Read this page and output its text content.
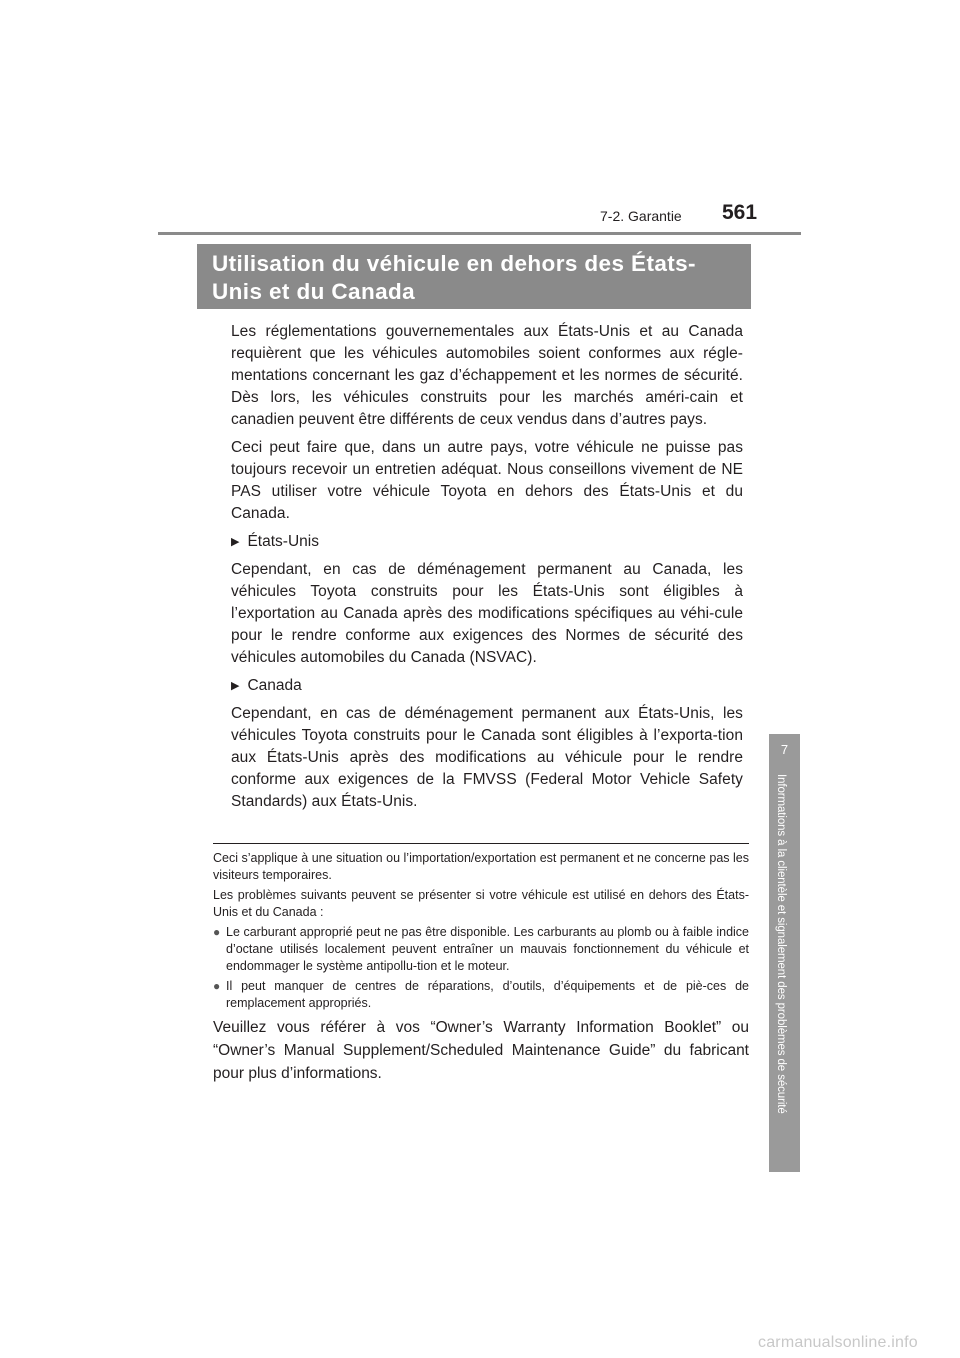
7-2. Garantie 561
7
Informations à la clientèle et signalement des problèmes de sécurité
Utilisation du véhicule en dehors des États-
Unis et du Canada

Les réglementations gouvernementales aux États-Unis et au Canada requièrent que les véhicules automobiles soient conformes aux régle-mentations concernant les gaz d’échappement et les normes de sécurité. Dès lors, les véhicules construits pour les marchés améri-cain et canadien peuvent être différents de ceux vendus dans d’autres pays.

Ceci peut faire que, dans un autre pays, votre véhicule ne puisse pas toujours recevoir un entretien adéquat. Nous conseillons vivement de NE PAS utiliser votre véhicule Toyota en dehors des États-Unis et du Canada.

▶ États-Unis

Cependant, en cas de déménagement permanent au Canada, les véhicules Toyota construits pour les États-Unis sont éligibles à l’exportation au Canada après des modifications spécifiques au véhi-cule pour le rendre conforme aux exigences des Normes de sécurité des véhicules automobiles du Canada (NSVAC).

▶ Canada

Cependant, en cas de déménagement permanent aux États-Unis, les véhicules Toyota construits pour le Canada sont éligibles à l’exporta-tion aux États-Unis après des modifications au véhicule pour le rendre conforme aux exigences de la FMVSS (Federal Motor Vehicle Safety Standards) aux États-Unis.

Ceci s’applique à une situation ou l’importation/exportation est permanent et ne concerne pas les visiteurs temporaires.

Les problèmes suivants peuvent se présenter si votre véhicule est utilisé en dehors des États-Unis et du Canada :

● Le carburant approprié peut ne pas être disponible. Les carburants au plomb ou à faible indice d’octane utilisés localement peuvent entraîner un mauvais fonctionnement du véhicule et endommager le système antipollu-tion et le moteur.
● Il peut manquer de centres de réparations, d’outils, d’équipements et de piè-ces de remplacement appropriés.

Veuillez vous référer à vos “Owner’s Warranty Information Booklet” ou “Owner’s Manual Supplement/Scheduled Maintenance Guide” du fabricant pour plus d’informations.

carmanualsonline.info
